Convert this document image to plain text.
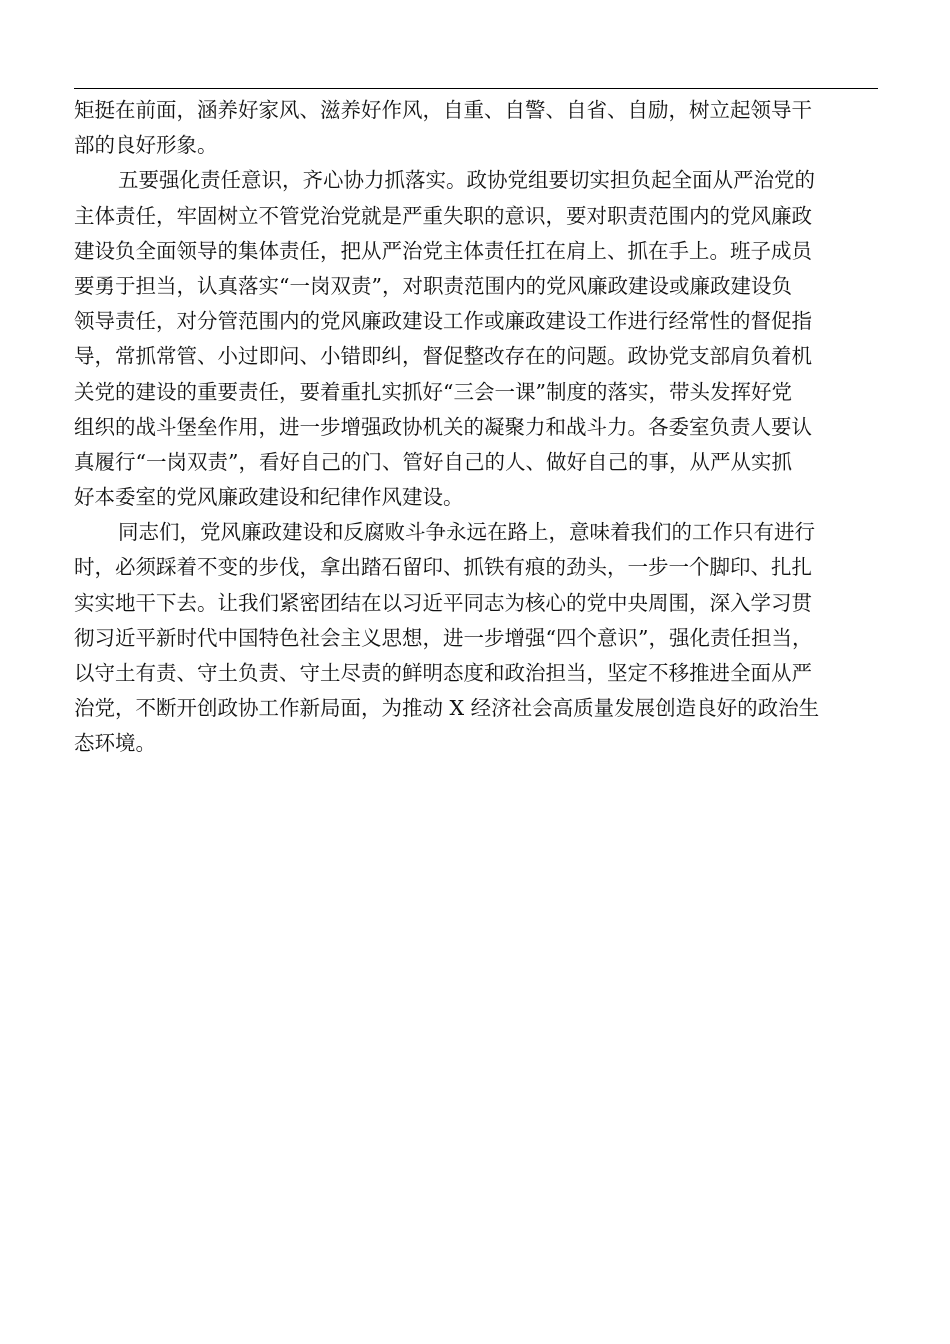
矩挺在前面，涵养好家风、滋养好作风，自重、自警、自省、自励，树立起领导干
部的良好形象。

五要强化责任意识，齐心协力抓落实。政协党组要切实担负起全面从严治党的
主体责任，牢固树立不管党治党就是严重失职的意识，要对职责范围内的党风廉政
建设负全面领导的集体责任，把从严治党主体责任扛在肩上、抓在手上。班子成员
要勇于担当，认真落实“一岗双责”，对职责范围内的党风廉政建设或廉政建设负
领导责任，对分管范围内的党风廉政建设工作或廉政建设工作进行经常性的督促指
导，常抓常管、小过即问、小错即纠，督促整改存在的问题。政协党支部肩负着机
关党的建设的重要责任，要着重扎实抓好“三会一课”制度的落实，带头发挥好党
组织的战斗堡垒作用，进一步增强政协机关的凝聚力和战斗力。各委室负责人要认
真履行“一岗双责”，看好自己的门、管好自己的人、做好自己的事，从严从实抓
好本委室的党风廉政建设和纪律作风建设。

同志们，党风廉政建设和反腐败斗争永远在路上，意味着我们的工作只有进行
时，必须踩着不变的步伐，拿出踏石留印、抓铁有痕的劲头，一步一个脚印、扎扎
实实地干下去。让我们紧密团结在以习近平同志为核心的党中央周围，深入学习贯
彻习近平新时代中国特色社会主义思想，进一步增强“四个意识”，强化责任担当，
以守土有责、守土负责、守土尽责的鲜明态度和政治担当，坚定不移推进全面从严
治党，不断开创政协工作新局面，为推动 X 经济社会高质量发展创造良好的政治生
态环境。
